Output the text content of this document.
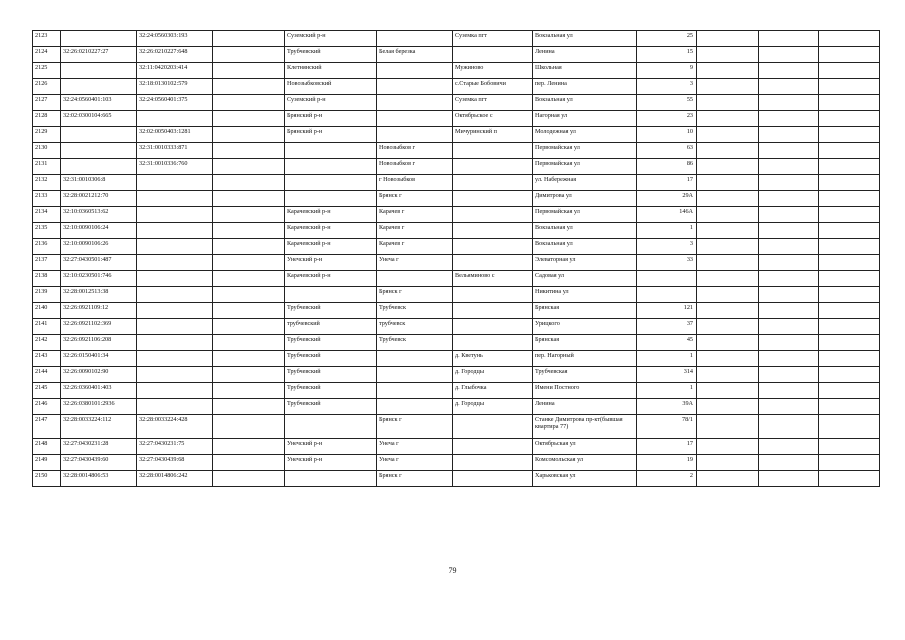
2123		32:24:0560303:193		Суземский р-н		Суземка пгт	Вокзальная ул	25			
2124	32:26:0210227:27	32:26:0210227:648		Трубчевский	Белая березка		Ленина	15			
2125		32:11:0420203:414		Клетнянский		Мужиново	Школьная	9			
2126		32:18:0130102:579		Новозыбковский		с.Старые Бобовичи	пер. Ленина	3			
2127	32:24:0560401:103	32:24:0560401:375		Суземский р-н		Суземка пгт	Вокзальная ул	55			
2128	32:02:0300104:665			Брянский р-н		Октябрьское с	Нагорная ул	23			
2129		32:02:0050403:1281		Брянский р-н		Мичуринский п	Молодежная ул	10			
2130		32:31:0010333:871			Новозыбков г		Первомайская ул	63			
2131		32:31:0010336:760			Новозыбков г		Первомайская ул	86			
2132	32:31:0010306:8				г Новозыбков		ул. Набережная	17			
2133	32:28:0021212:70				Брянск г		Димитрова ул	29А			
2134	32:10:0360513:62			Карачевский р-н	Карачев г		Первомайская ул	146А			
2135	32:10:0090106:24			Карачевский р-н	Карачев г		Вокзальная ул	1			
2136	32:10:0090106:26			Карачевский р-н	Карачев г		Вокзальная ул	3			
2137	32:27:0430501:487			Унечский р-н	Унеча г		Элеваторная ул	33			
2138	32:10:0230501:746			Карачевский р-н		Вельяминово с	Садовая ул				
2139	32:28:0012513:38				Брянск г		Никитина ул				
2140	32:26:0921109:12			Трубчевский	Трубчевск		Брянская	121			
2141	32:26:0921102:369			трубчевский	трубчевск		Урицкого	37			
2142	32:26:0921106:208			Трубчевский	Трубчевск		Брянская	45			
2143	32:26:0150401:34			Трубчевский		д. Кветунь	пер. Нагорный	1			
2144	32:26:0090102:90			Трубчевский		д. Городцы	Трубчевская	314			
2145	32:26:0360401:403			Трубчевский		д. Глыбочка	Имени Постного	1			
2146	32:26:0380101:2936			Трубчевский		д. Городцы	Ленина	39А			
2147	32:28:0033224:112	32:28:0033224:428			Брянск г		Станке Димитрова пр-кт(бывшая квартира 77)	78/1			
2148	32:27:0430231:28	32:27:0430231:75		Унечский р-н	Унеча г		Октябрьская ул	17			
2149	32:27:0430439:60	32:27:0430439:68		Унечский р-н	Унеча г		Комсомольская ул	19			
2150	32:28:0014806:53	32:28:0014806:242			Брянск г		Харьковская ул	2			
79
